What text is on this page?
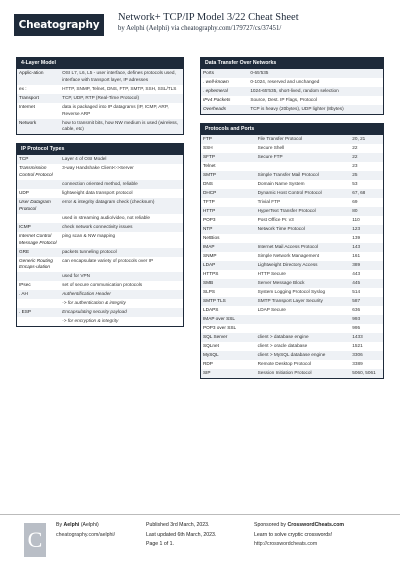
Cheatography
Network+ TCP/IP Model 3/22 Cheat Sheet
by Aelphi (Aelphi) via cheatography.com/179727/cs/37451/
4-Layer Model
Applic-ation	OSI L7, L6, L5 - user interface, defines protocols used, interface with transport layer, IP adresses
ex :	HTTP, SNMP, Telnet, DNS, FTP, SMTP, SSH, SSL/TLS
Transport	TCP, UDP, RTP (Real-Time Protocol)
Internet	data is packaged into IP datagrams (IP, ICMP, ARP, Reverse ARP
Network	how to transmit bits, how NW medium is used (wireless, cable, etc)
IP Protocol Types
TCP	Layer 4 of OSI Model
Transmission Control Protocol	3-way Handshake Client<->Server
	connection oriented method, reliable
UDP	lightweight data transport protocol
User Datagram Protocol	error & integrity datagram check (checksum)
	used in streaming audio/video, not reliable
ICMP	check network connectivity issues
Internet Control Message Protocol	ping scan & NW mapping
GRE	packets tunneling protocol
Generic Routing Encaps-ulation	can encapsulate variety of protocols over IP
	used for VPN
IPsec	set of secure communication protocols
. AH	Authentification Header
	-> for authentication & integrity
. ESP	Encapsulating security payload
	-> for encryption & integrity
Data Transfer Over Networks
Ports	0-65'535
. well-known	0-1024, reserved and unchanged
. ephemeral	1024-65'535, short-lived, random selection
IPv4 Packets	Source, Dest. IP Flags, Protocol
Overheads	TCP is heavy (20bytes), UDP lighter (8bytes)
Protocols and Ports
FTP	File Transfer Protocol	20, 21
SSH	Secure Shell	22
SFTP	Secure FTP	22
Telnet		23
SMTP	Simple Transfer Mail Protocol	25
DNS	Domain Name System	53
DHCP	Dynamic Host Control Protocol	67, 68
TFTP	Trivial FTP	69
HTTP	HyperText Transfer Protocol	80
POP3	Post Office Pr. v3	110
NTP	Network Time Protocol	123
NetBios		139
IMAP	Internet Mail Access Protocol	143
SNMP	Simple Network Management	161
LDAP	Lightweight Directory Access	389
HTTPS	HTTP Secure	443
SMB	Server Message Block	445
SLPS	System Logging Protocol Syslog	514
SMTP TLS	SMTP Transport Layer Security	587
LDAPS	LDAP Secure	636
IMAP over SSL		993
POP3 over SSL		995
SQL Server	client > database engine	1433
SQLnet	client > oracle database	1521
MySQL	client > MySQL database engine	3306
RDP	Remote Desktop Protocol	3389
SIP	Session Initiation Protocol	5060, 5061
C
By Aelphi (Aelphi)
cheatography.com/aelphi/
Published 3rd March, 2023.
Last updated 6th March, 2023.
Page 1 of 1.
Sponsored by CrosswordCheats.com
Learn to solve cryptic crosswords!
http://crosswordcheats.com
